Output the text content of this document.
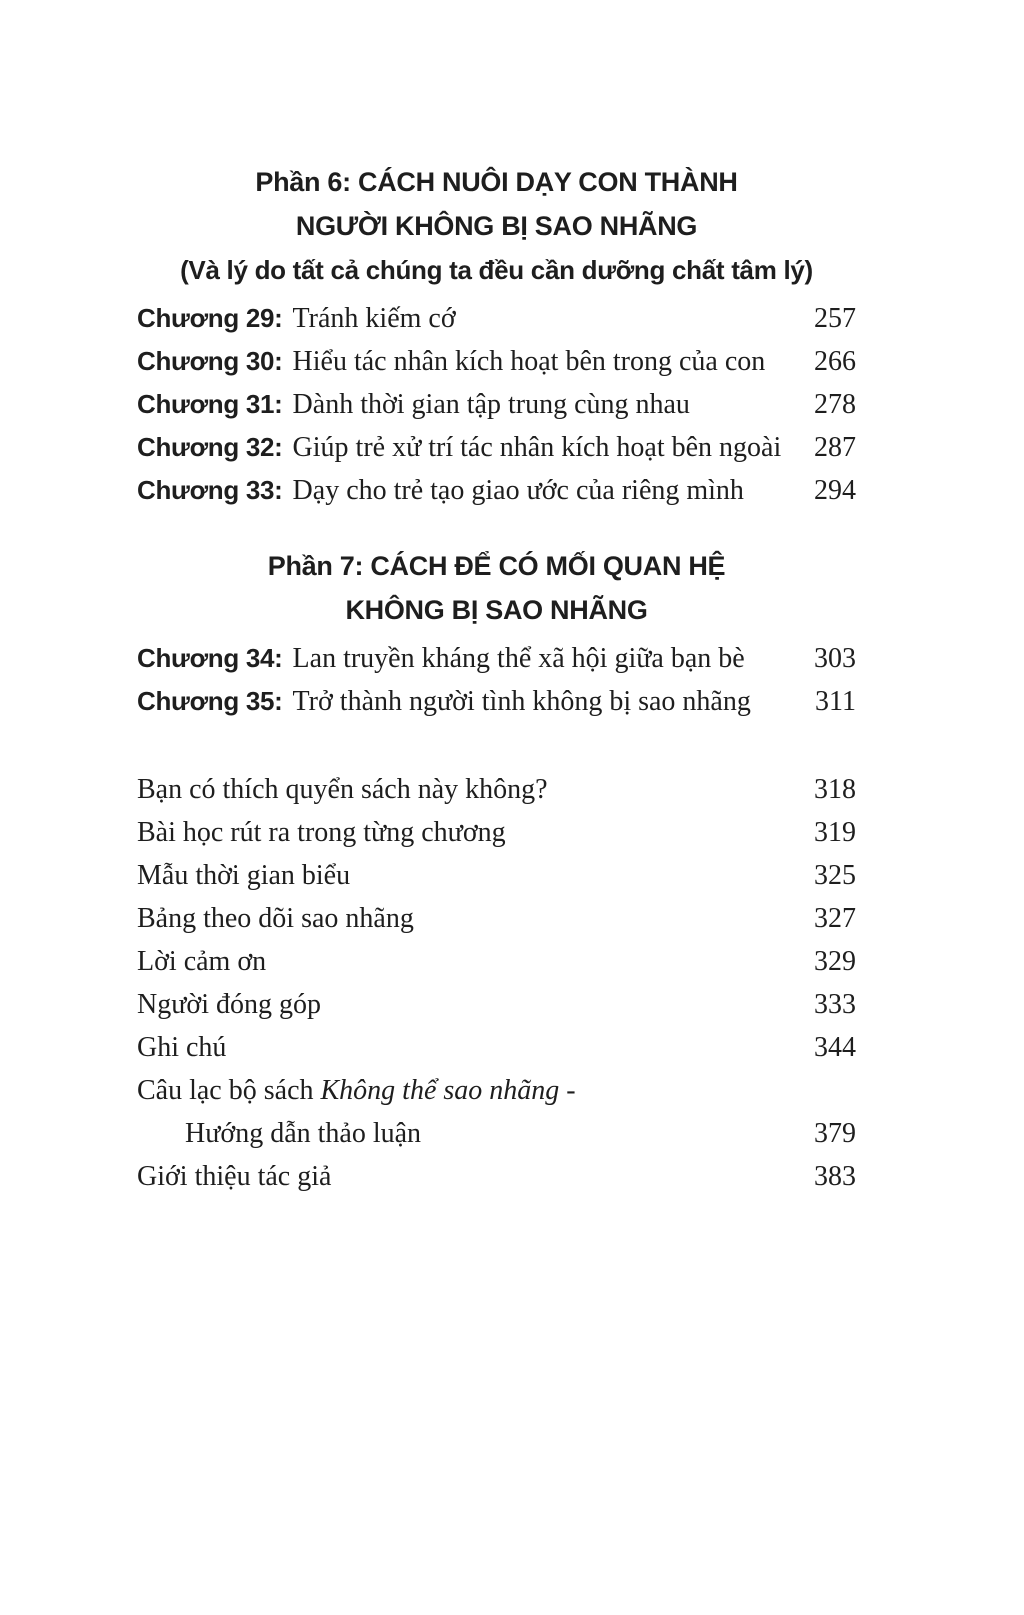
Phần 6: CÁCH NUÔI DẠY CON THÀNH
NGƯỜI KHÔNG BỊ SAO NHÃNG
(Và lý do tất cả chúng ta đều cần dưỡng chất tâm lý)
Chương 29: Tránh kiếm cớ	257
Chương 30: Hiểu tác nhân kích hoạt bên trong của con	266
Chương 31: Dành thời gian tập trung cùng nhau	278
Chương 32: Giúp trẻ xử trí tác nhân kích hoạt bên ngoài	287
Chương 33: Dạy cho trẻ tạo giao ước của riêng mình	294
Phần 7: CÁCH ĐỂ CÓ MỐI QUAN HỆ
KHÔNG BỊ SAO NHÃNG
Chương 34: Lan truyền kháng thể xã hội giữa bạn bè	303
Chương 35: Trở thành người tình không bị sao nhãng	311
Bạn có thích quyển sách này không?	318
Bài học rút ra trong từng chương	319
Mẫu thời gian biểu	325
Bảng theo dõi sao nhãng	327
Lời cảm ơn	329
Người đóng góp	333
Ghi chú	344
Câu lạc bộ sách Không thể sao nhãng -
Hướng dẫn thảo luận	379
Giới thiệu tác giả	383
